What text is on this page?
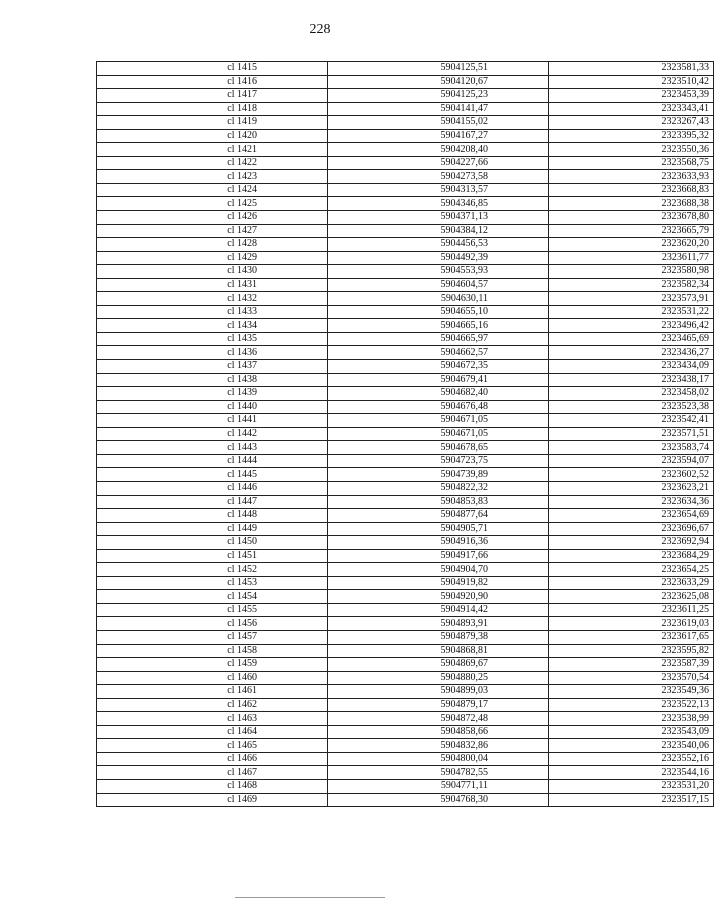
228
cl 1415	5904125,51	2323581,33
cl 1416	5904120,67	2323510,42
cl 1417	5904125,23	2323453,39
cl 1418	5904141,47	2323343,41
cl 1419	5904155,02	2323267,43
cl 1420	5904167,27	2323395,32
cl 1421	5904208,40	2323550,36
cl 1422	5904227,66	2323568,75
cl 1423	5904273,58	2323633,93
cl 1424	5904313,57	2323668,83
cl 1425	5904346,85	2323688,38
cl 1426	5904371,13	2323678,80
cl 1427	5904384,12	2323665,79
cl 1428	5904456,53	2323620,20
cl 1429	5904492,39	2323611,77
cl 1430	5904553,93	2323580,98
cl 1431	5904604,57	2323582,34
cl 1432	5904630,11	2323573,91
cl 1433	5904655,10	2323531,22
cl 1434	5904665,16	2323496,42
cl 1435	5904665,97	2323465,69
cl 1436	5904662,57	2323436,27
cl 1437	5904672,35	2323434,09
cl 1438	5904679,41	2323438,17
cl 1439	5904682,40	2323458,02
cl 1440	5904676,48	2323523,38
cl 1441	5904671,05	2323542,41
cl 1442	5904671,05	2323571,51
cl 1443	5904678,65	2323583,74
cl 1444	5904723,75	2323594,07
cl 1445	5904739,89	2323602,52
cl 1446	5904822,32	2323623,21
cl 1447	5904853,83	2323634,36
cl 1448	5904877,64	2323654,69
cl 1449	5904905,71	2323696,67
cl 1450	5904916,36	2323692,94
cl 1451	5904917,66	2323684,29
cl 1452	5904904,70	2323654,25
cl 1453	5904919,82	2323633,29
cl 1454	5904920,90	2323625,08
cl 1455	5904914,42	2323611,25
cl 1456	5904893,91	2323619,03
cl 1457	5904879,38	2323617,65
cl 1458	5904868,81	2323595,82
cl 1459	5904869,67	2323587,39
cl 1460	5904880,25	2323570,54
cl 1461	5904899,03	2323549,36
cl 1462	5904879,17	2323522,13
cl 1463	5904872,48	2323538,99
cl 1464	5904858,66	2323543,09
cl 1465	5904832,86	2323540,06
cl 1466	5904800,04	2323552,16
cl 1467	5904782,55	2323544,16
cl 1468	5904771,11	2323531,20
cl 1469	5904768,30	2323517,15
